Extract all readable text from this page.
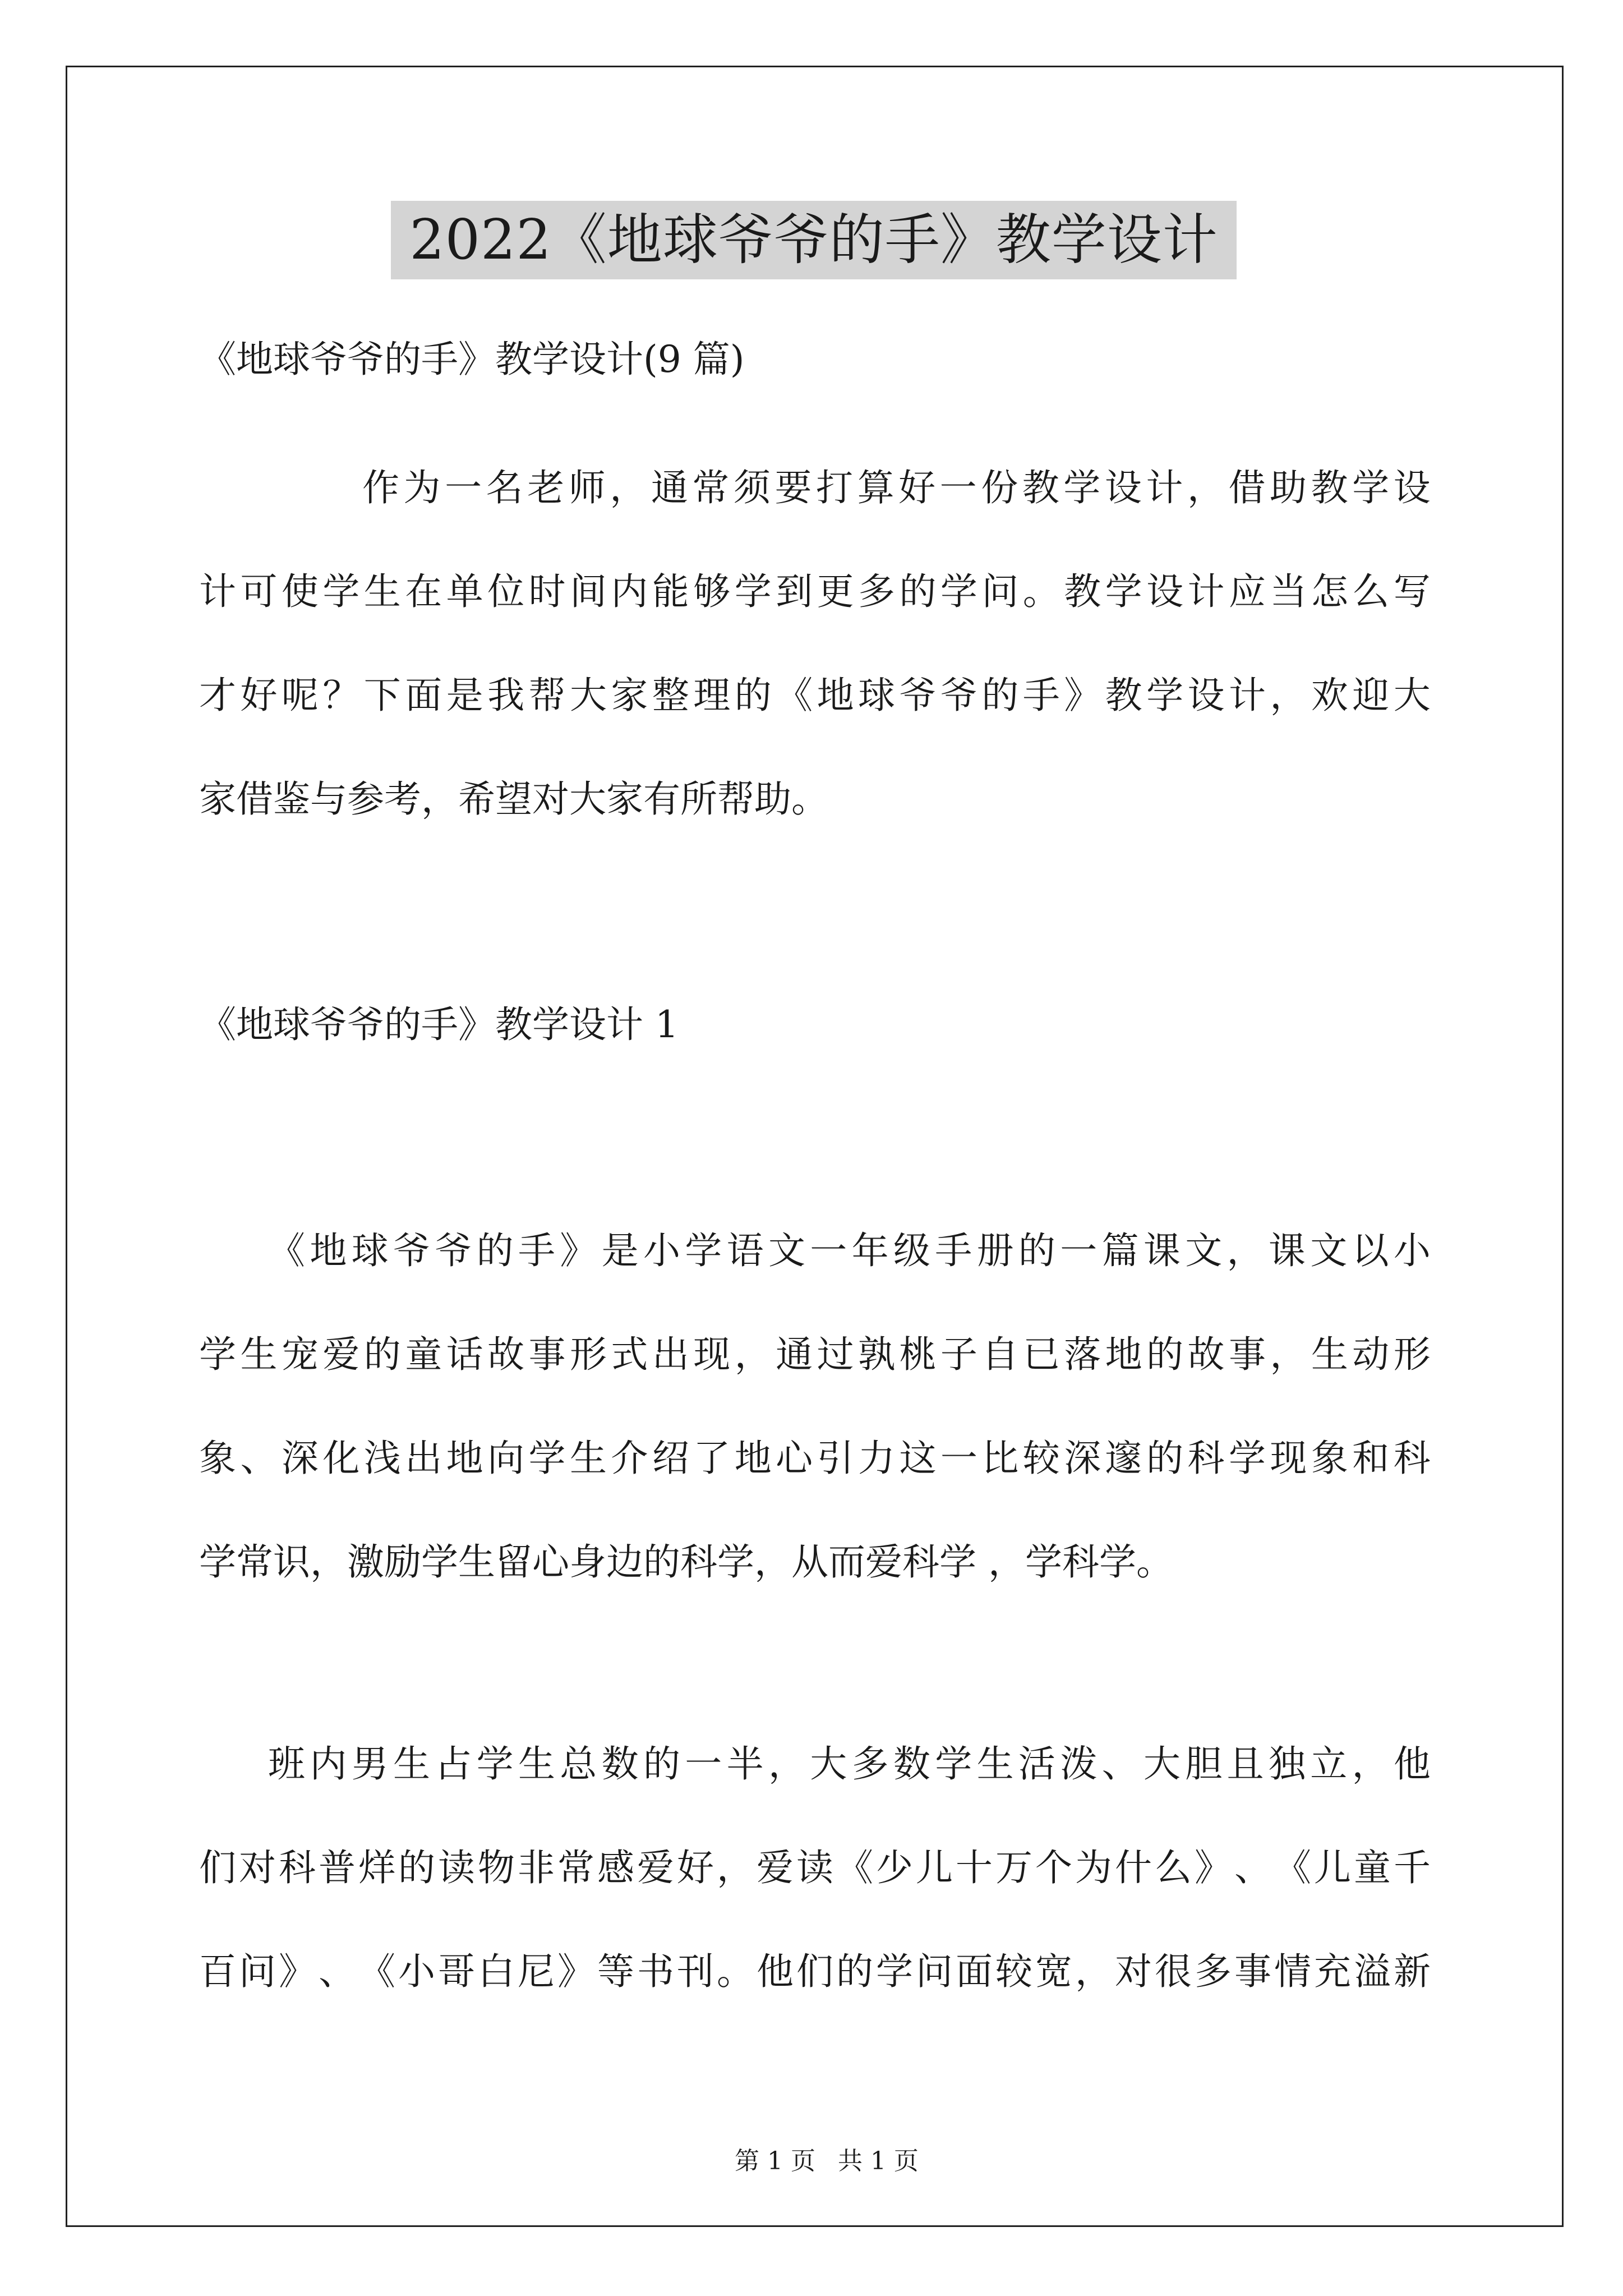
2022《地球爷爷的手》教学设计
《地球爷爷的手》教学设计(9 篇)
作 为 一 名 老 师 ， 通 常 须 要 打 算 好 一 份 教 学 设 计 ， 借 助 教 学 设
计 可 使 学 生 在 单 位 时 间 内 能 够 学 到 更 多 的 学 问 。 教 学 设 计 应 当 怎 么 写
才 好 呢 ？ 下 面 是 我 帮 大 家 整 理 的 《 地 球 爷 爷 的 手 》 教 学 设 计 ， 欢 迎 大
家借鉴与参考，希望对大家有所帮助。
《地球爷爷的手》教学设计 1
《 地 球 爷 爷 的 手 》 是 小 学 语 文 一 年 级 手 册 的 一 篇 课 文 ， 课 文 以 小
学 生 宠 爱 的 童 话 故 事 形 式 出 现 ， 通 过 孰 桃 子 自 已 落 地 的 故 事 ， 生 动 形
象 、 深 化 浅 出 地 向 学 生 介 绍 了 地 心 引 力 这 一 比 较 深 邃 的 科 学 现 象 和 科
学常识，激励学生留心身边的科学，从而爱科学 ，学科学。
班 内 男 生 占 学 生 总 数 的 一 半 ， 大 多 数 学 生 活 泼 、 大 胆 且 独 立 ， 他
们 对 科 普 烊 的 读 物 非 常 感 爱 好 ， 爱 读 《 少 儿 十 万 个 为 什 么 》 、 《 儿 童 千
百 问 》 、 《 小 哥 白 尼 》 等 书 刊 。 他 们 的 学 问 面 较 宽 ， 对 很 多 事 情 充 溢 新
第 1 页 共 1 页
